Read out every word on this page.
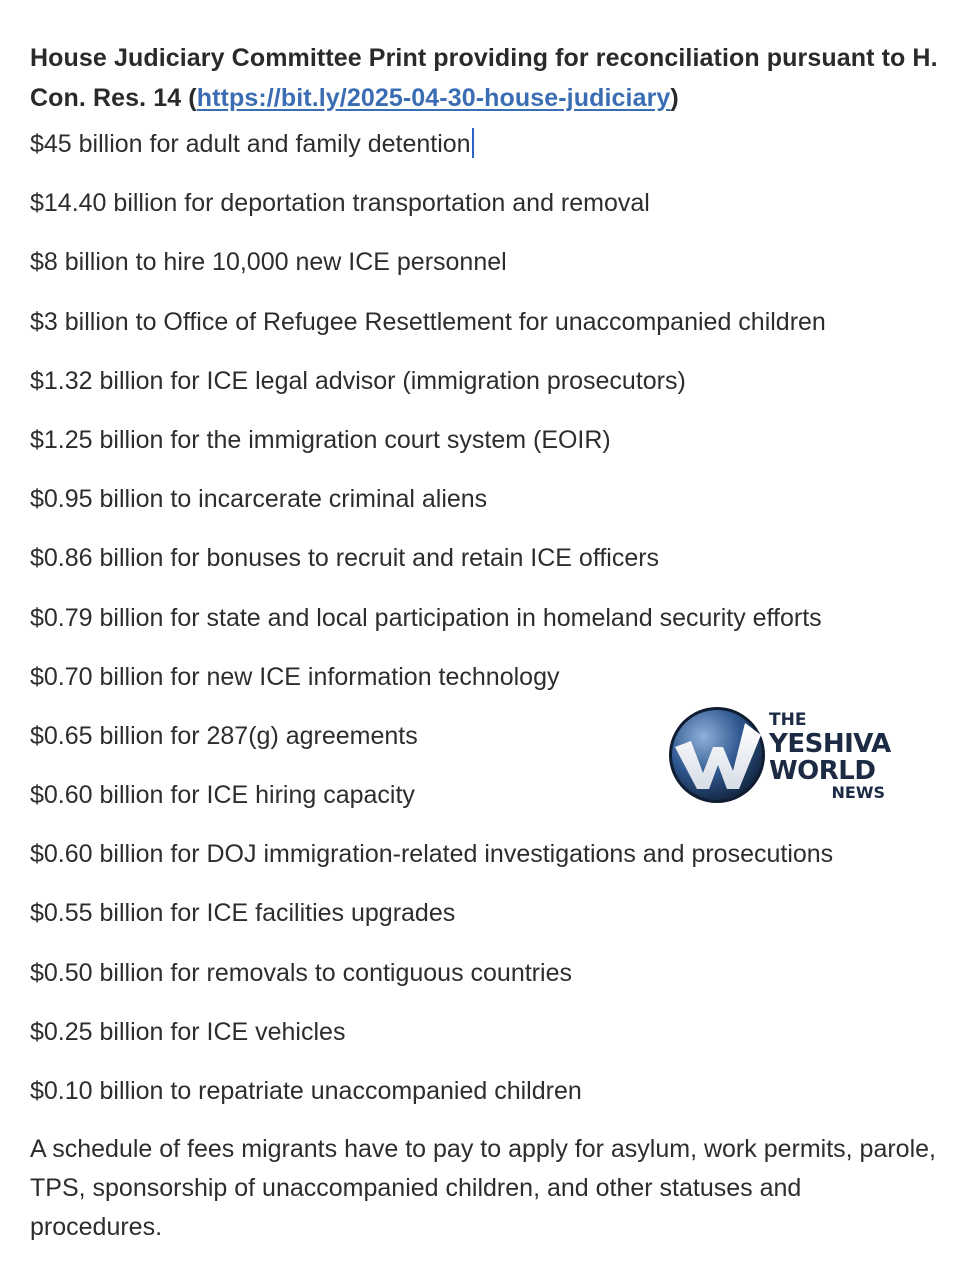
House Judiciary Committee Print providing for reconciliation pursuant to H. Con. Res. 14 (https://bit.ly/2025-04-30-house-judiciary)
$45 billion for adult and family detention
$14.40 billion for deportation transportation and removal
$8 billion to hire 10,000 new ICE personnel
$3 billion to Office of Refugee Resettlement for unaccompanied children
$1.32 billion for ICE legal advisor (immigration prosecutors)
$1.25 billion for the immigration court system (EOIR)
$0.95 billion to incarcerate criminal aliens
$0.86 billion for bonuses to recruit and retain ICE officers
$0.79 billion for state and local participation in homeland security efforts
$0.70 billion for new ICE information technology
$0.65 billion for 287(g) agreements
$0.60 billion for ICE hiring capacity
$0.60 billion for DOJ immigration-related investigations and prosecutions
$0.55 billion for ICE facilities upgrades
$0.50 billion for removals to contiguous countries
$0.25 billion for ICE vehicles
$0.10 billion to repatriate unaccompanied children

A schedule of fees migrants have to pay to apply for asylum, work permits, parole, TPS, sponsorship of unaccompanied children, and other statuses and procedures.

THE
YESHIVA
WORLD
NEWS
